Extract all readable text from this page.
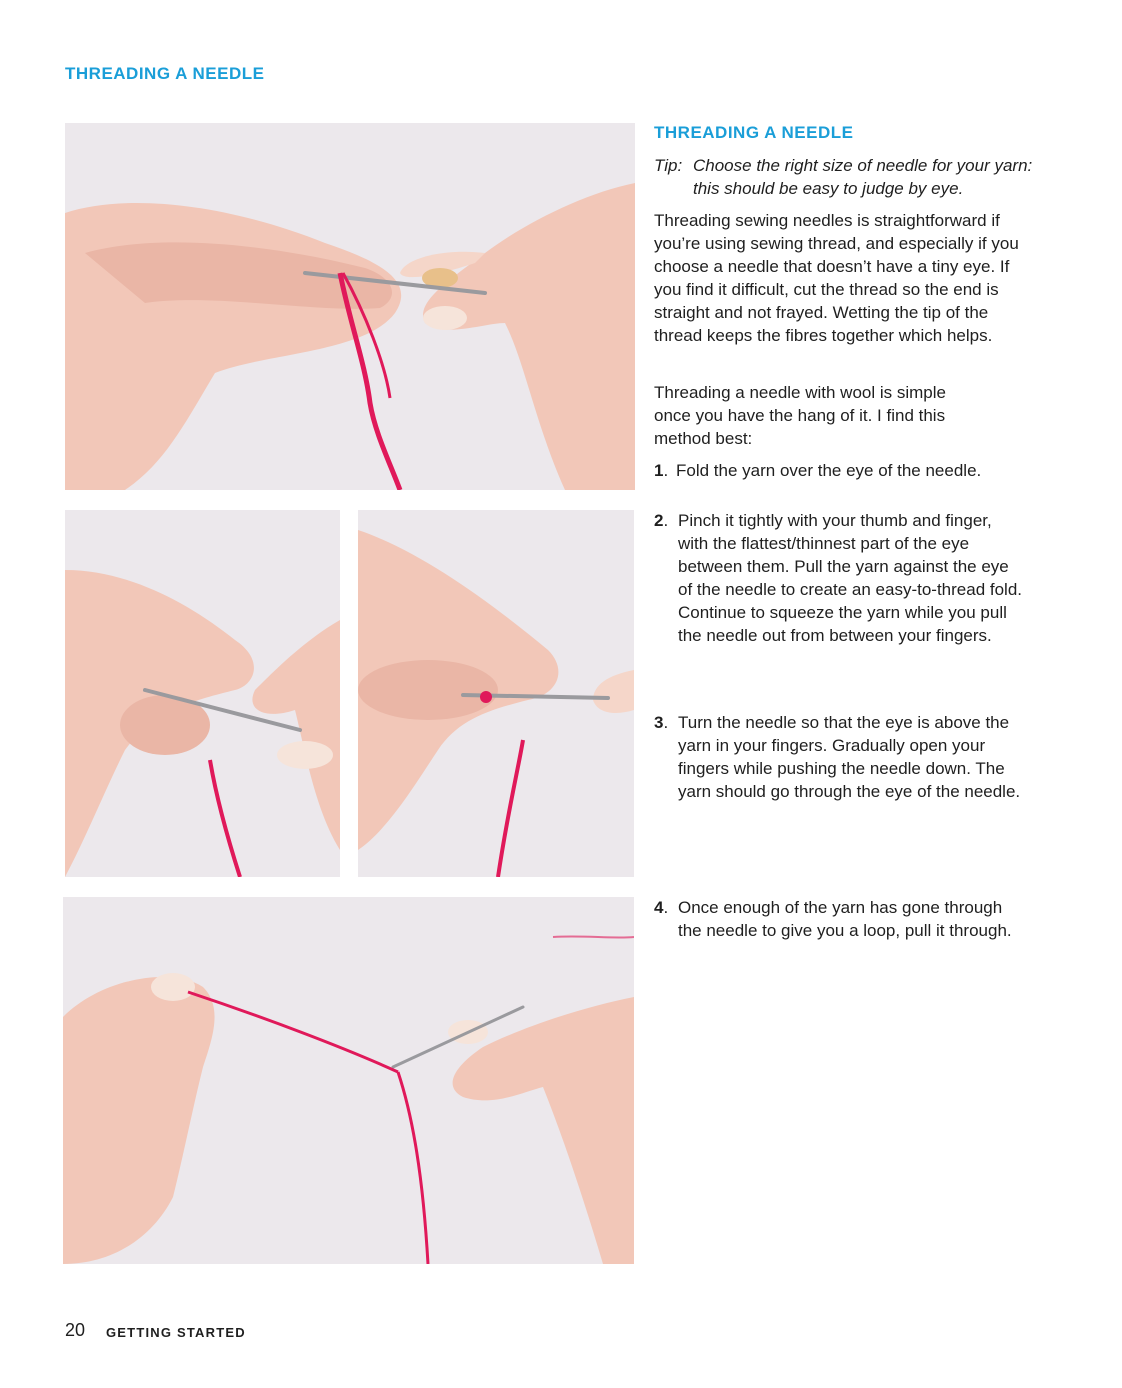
THREADING A NEEDLE
THREADING A NEEDLE
Tip: Choose the right size of needle for your yarn: this should be easy to judge by eye.

Threading sewing needles is straightforward if you’re using sewing thread, and especially if you choose a needle that doesn’t have a tiny eye. If you find it difficult, cut the thread so the end is straight and not frayed. Wetting the tip of the thread keeps the fibres together which helps.

Threading a needle with wool is simple once you have the hang of it. I find this method best:

1. Fold the yarn over the eye of the needle.
2. Pinch it tightly with your thumb and finger, with the flattest/thinnest part of the eye between them. Pull the yarn against the eye of the needle to create an easy-to-thread fold. Continue to squeeze the yarn while you pull the needle out from between your fingers.
3. Turn the needle so that the eye is above the yarn in your fingers. Gradually open your fingers while pushing the needle down. The yarn should go through the eye of the needle.
4. Once enough of the yarn has gone through the needle to give you a loop, pull it through.
20 GETTING STARTED
